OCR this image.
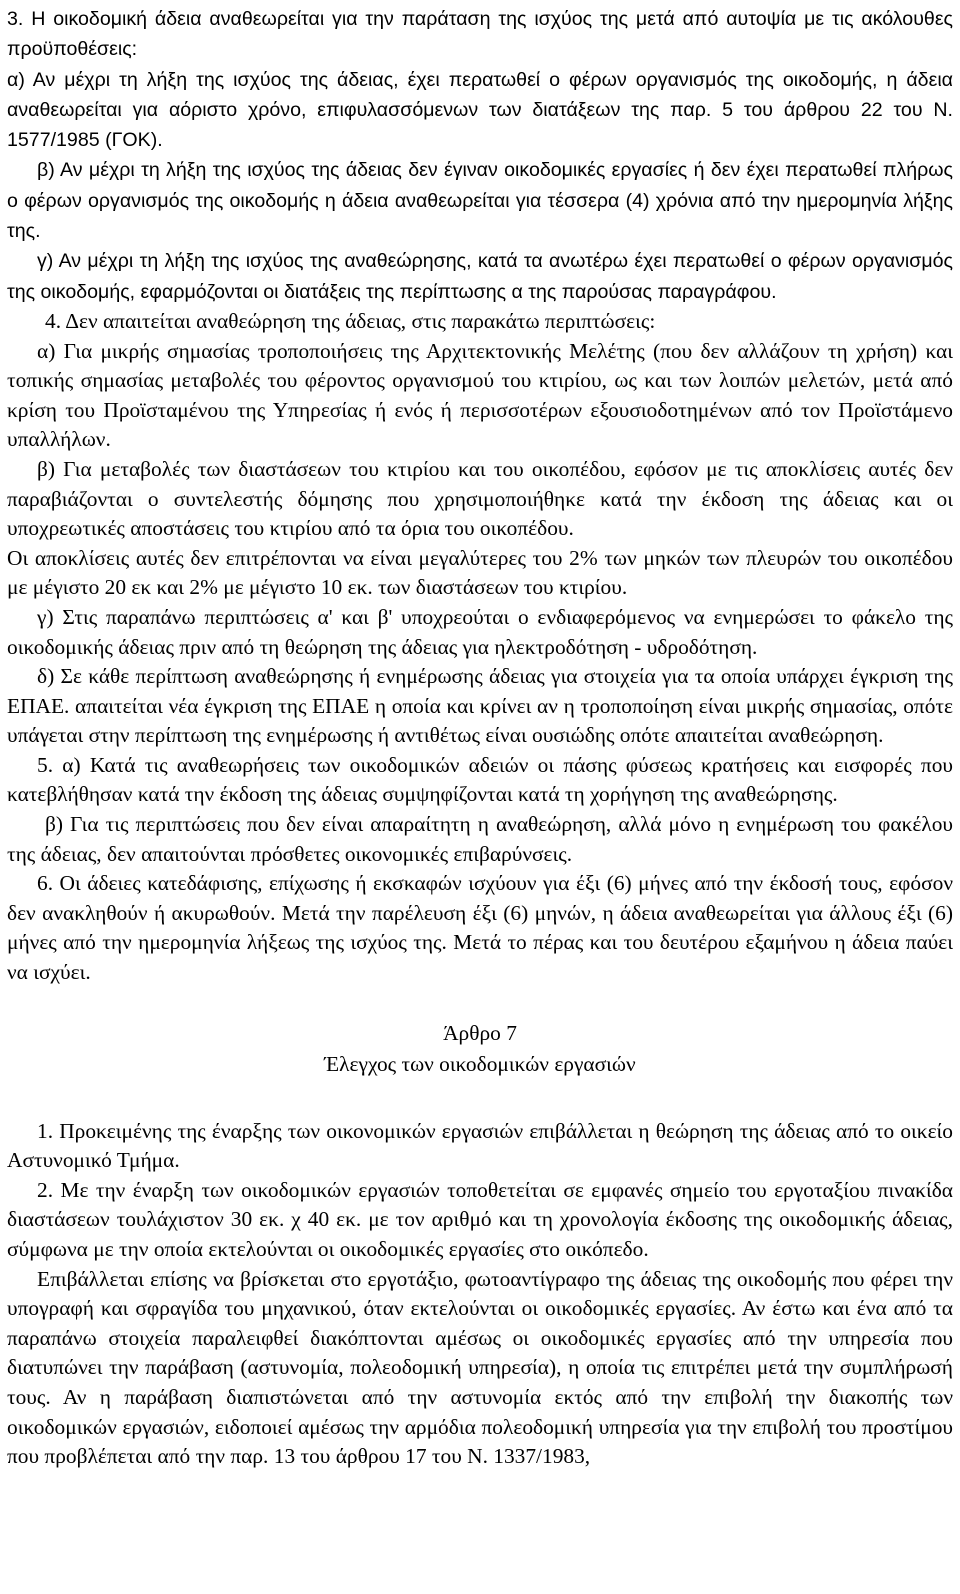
3. Η οικοδομική άδεια αναθεωρείται για την παράταση της ισχύος της μετά από αυτοψία με τις ακόλουθες προϋποθέσεις:

α) Αν μέχρι τη λήξη της ισχύος της άδειας, έχει περατωθεί ο φέρων οργανισμός της οικοδομής, η άδεια αναθεωρείται για αόριστο χρόνο, επιφυλασσόμενων των διατάξεων της παρ. 5 του άρθρου 22 του Ν. 1577/1985 (ΓΟΚ).

β) Αν μέχρι τη λήξη της ισχύος της άδειας δεν έγιναν οικοδομικές εργασίες ή δεν έχει περατωθεί πλήρως ο φέρων οργανισμός της οικοδομής η άδεια αναθεωρείται για τέσσερα (4) χρόνια από την ημερομηνία λήξης της.

γ) Αν μέχρι τη λήξη της ισχύος της αναθεώρησης, κατά τα ανωτέρω έχει περατωθεί ο φέρων οργανισμός της οικοδομής, εφαρμόζονται οι διατάξεις της περίπτωσης α της παρούσας παραγράφου.

4. Δεν απαιτείται αναθεώρηση της άδειας, στις παρακάτω περιπτώσεις:

α) Για μικρής σημασίας τροποποιήσεις της Αρχιτεκτονικής Μελέτης (που δεν αλλάζουν τη χρήση) και τοπικής σημασίας μεταβολές του φέροντος οργανισμού του κτιρίου, ως και των λοιπών μελετών, μετά από κρίση του Προϊσταμένου της Υπηρεσίας ή ενός ή περισσοτέρων εξουσιοδοτημένων από τον Προϊστάμενο υπαλλήλων.

β) Για μεταβολές των διαστάσεων του κτιρίου και του οικοπέδου, εφόσον με τις αποκλίσεις αυτές δεν παραβιάζονται ο συντελεστής δόμησης που χρησιμοποιήθηκε κατά την έκδοση της άδειας και οι υποχρεωτικές αποστάσεις του κτιρίου από τα όρια του οικοπέδου.

Οι αποκλίσεις αυτές δεν επιτρέπονται να είναι μεγαλύτερες του 2% των μηκών των πλευρών του οικοπέδου με μέγιστο 20 εκ και 2% με μέγιστο 10 εκ. των διαστάσεων του κτιρίου.

γ) Στις παραπάνω περιπτώσεις α' και β' υποχρεούται ο ενδιαφερόμενος να ενημερώσει το φάκελο της οικοδομικής άδειας πριν από τη θεώρηση της άδειας για ηλεκτροδότηση - υδροδότηση.

δ) Σε κάθε περίπτωση αναθεώρησης ή ενημέρωσης άδειας για στοιχεία για τα οποία υπάρχει έγκριση της ΕΠΑΕ. απαιτείται νέα έγκριση της ΕΠΑΕ η οποία και κρίνει αν η τροποποίηση είναι μικρής σημασίας, οπότε υπάγεται στην περίπτωση της ενημέρωσης ή αντιθέτως είναι ουσιώδης οπότε απαιτείται αναθεώρηση.

5. α) Κατά τις αναθεωρήσεις των οικοδομικών αδειών οι πάσης φύσεως κρατήσεις και εισφορές που κατεβλήθησαν κατά την έκδοση της άδειας συμψηφίζονται κατά τη χορήγηση της αναθεώρησης.

β) Για τις περιπτώσεις που δεν είναι απαραίτητη η αναθεώρηση, αλλά μόνο η ενημέρωση του φακέλου της άδειας, δεν απαιτούνται πρόσθετες οικονομικές επιβαρύνσεις.

6. Οι άδειες κατεδάφισης, επίχωσης ή εκσκαφών ισχύουν για έξι (6) μήνες από την έκδοσή τους, εφόσον δεν ανακληθούν ή ακυρωθούν. Μετά την παρέλευση έξι (6) μηνών, η άδεια αναθεωρείται για άλλους έξι (6) μήνες από την ημερομηνία λήξεως της ισχύος της. Μετά το πέρας και του δευτέρου εξαμήνου η άδεια παύει να ισχύει.

Άρθρο 7

Έλεγχος των οικοδομικών εργασιών

1. Προκειμένης της έναρξης των οικονομικών εργασιών επιβάλλεται η θεώρηση της άδειας από το οικείο Αστυνομικό Τμήμα.

2. Με την έναρξη των οικοδομικών εργασιών τοποθετείται σε εμφανές σημείο του εργοταξίου πινακίδα διαστάσεων τουλάχιστον 30 εκ. χ 40 εκ. με τον αριθμό και τη χρονολογία έκδοσης της οικοδομικής άδειας, σύμφωνα με την οποία εκτελούνται οι οικοδομικές εργασίες στο οικόπεδο.

Επιβάλλεται επίσης να βρίσκεται στο εργοτάξιο, φωτοαντίγραφο της άδειας της οικοδομής που φέρει την υπογραφή και σφραγίδα του μηχανικού, όταν εκτελούνται οι οικοδομικές εργασίες. Αν έστω και ένα από τα παραπάνω στοιχεία παραλειφθεί διακόπτονται αμέσως οι οικοδομικές εργασίες από την υπηρεσία που διατυπώνει την παράβαση (αστυνομία, πολεοδομική υπηρεσία), η οποία τις επιτρέπει μετά την συμπλήρωσή τους. Αν η παράβαση διαπιστώνεται από την αστυνομία εκτός από την επιβολή την διακοπής των οικοδομικών εργασιών, ειδοποιεί αμέσως την αρμόδια πολεοδομική υπηρεσία για την επιβολή του προστίμου που προβλέπεται από την παρ. 13 του άρθρου 17 του Ν. 1337/1983,
